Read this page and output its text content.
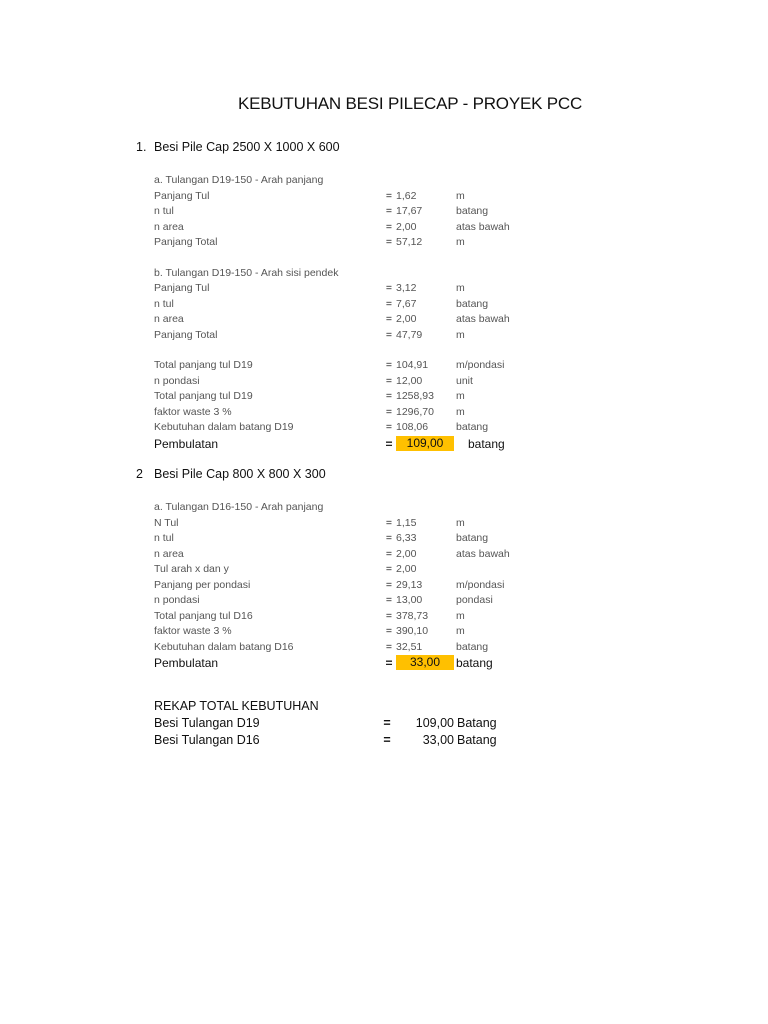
KEBUTUHAN BESI PILECAP - PROYEK PCC
1. Besi Pile Cap 2500 X 1000 X 600
a. Tulangan D19-150 - Arah panjang
Panjang Tul	= 1,62	m
n tul	= 17,67	batang
n area	= 2,00	atas bawah
Panjang Total	= 57,12	m
b. Tulangan D19-150 - Arah sisi pendek
Panjang Tul	= 3,12	m
n tul	= 7,67	batang
n area	= 2,00	atas bawah
Panjang Total	= 47,79	m
Total panjang tul D19	= 104,91	m/pondasi
n pondasi	= 12,00	unit
Total panjang tul D19	= 1258,93 m
faktor waste 3 %	= 1296,70 m
Kebutuhan dalam batang D19	= 108,06	batang
Pembulatan	=	109,00	batang
2 Besi Pile Cap 800 X 800 X 300
a. Tulangan D16-150 - Arah panjang
N Tul	= 1,15	m
n tul	= 6,33	batang
n area	= 2,00	atas bawah
Tul arah x dan y	= 2,00
Panjang per pondasi	= 29,13	m/pondasi
n pondasi	= 13,00	pondasi
Total panjang tul D16	= 378,73	m
faktor waste 3 %	= 390,10	m
Kebutuhan dalam batang D16	= 32,51	batang
Pembulatan	=	33,00	batang
REKAP TOTAL KEBUTUHAN
Besi Tulangan D19	=	109,00 Batang
Besi Tulangan D16	=	33,00 Batang
